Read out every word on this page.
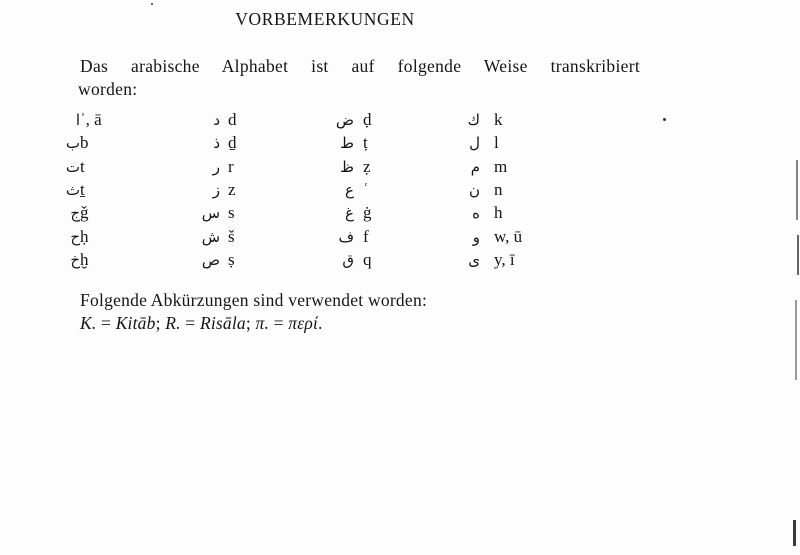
VORBEMERKUNGEN
Das arabische Alphabet ist auf folgende Weise transkribiert
worden:
ا ʾ, ā	د d	ض ḍ	ك k
ب b	ذ ḏ	ط ṭ	ل l
ت t	ر r	ظ ẓ	م m
ث ṯ	ز z	ع ʿ	ن n
ج ǧ	س s	غ ġ	ه h
ح ḥ	ش š	ف f	و w, ū
خ ḫ	ص ṣ	ق q	ى y, ī
Folgende Abkürzungen sind verwendet worden:
K. = Kitāb; R. = Risāla; π. = περί.
